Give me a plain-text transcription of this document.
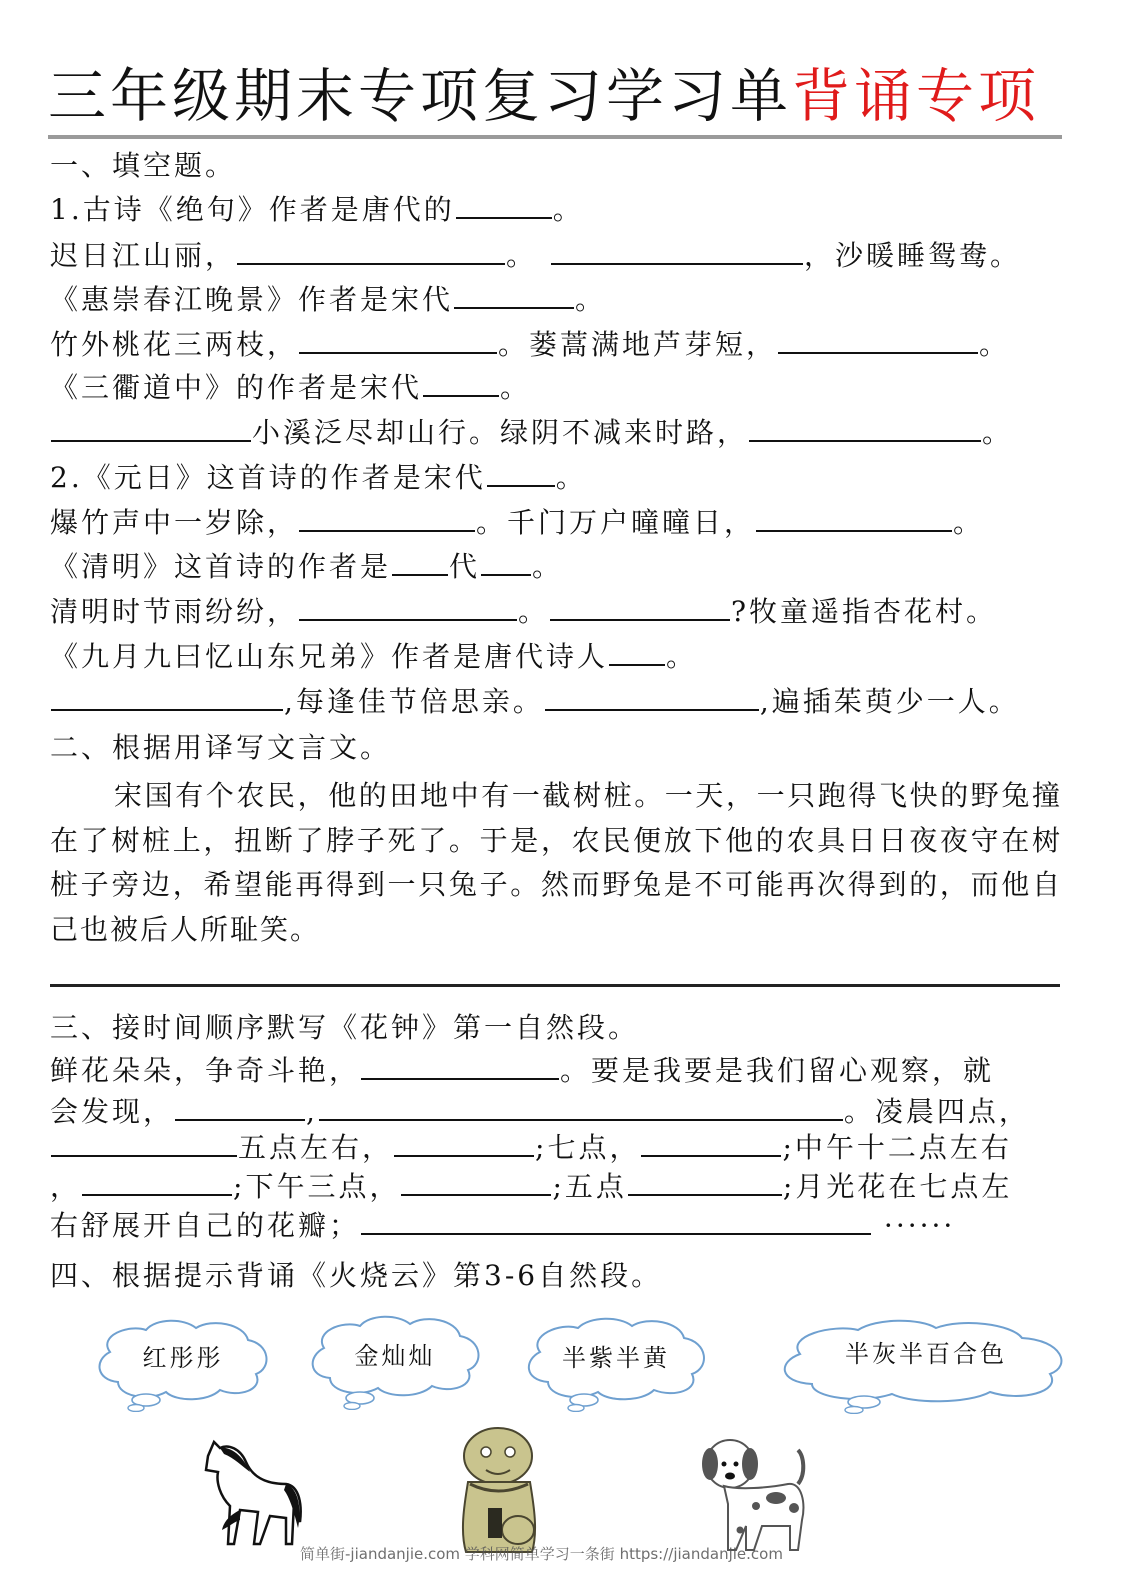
三年级期末专项复习学习单背诵专项
一、填空题。
1.古诗《绝句》作者是唐代的	。
迟日江山丽，	。	，沙暖睡鸳鸯。
《惠崇春江晚景》作者是宋代	。
竹外桃花三两枝，	。蒌蒿满地芦芽短，	。
《三衢道中》的作者是宋代	。
小溪泛尽却山行。绿阴不减来时路，	。
2.《元日》这首诗的作者是宋代	。
爆竹声中一岁除，	。千门万户曈曈日，	。
《清明》这首诗的作者是 代 。
清明时节雨纷纷，	。	?牧童遥指杏花村。
《九月九曰忆山东兄弟》作者是唐代诗人 。
,每逢佳节倍思亲。	,遍插茱萸少一人。
二、根据用译写文言文。
宋国有个农民，他的田地中有一截树桩。一天，一只跑得飞快的野兔撞在了树桩上，扭断了脖子死了。于是，农民便放下他的农具日日夜夜守在树桩子旁边，希望能再得到一只兔子。然而野兔是不可能再次得到的，而他自己也被后人所耻笑。
三、接时间顺序默写《花钟》第一自然段。
鲜花朵朵，争奇斗艳，	。要是我要是我们留心观察，就
会发现，	,	。凌晨四点，
五点左右，	;七点，	;中午十二点左右
，	;下午三点，	;五点	;月光花在七点左
右舒展开自己的花瓣；	······
四、根据提示背诵《火烧云》第3-6自然段。
红彤彤	金灿灿	半紫半黄	半灰半百合色
简单街-jiandanjie.com 学科网简单学习一条街 https://jiandanjie.com
